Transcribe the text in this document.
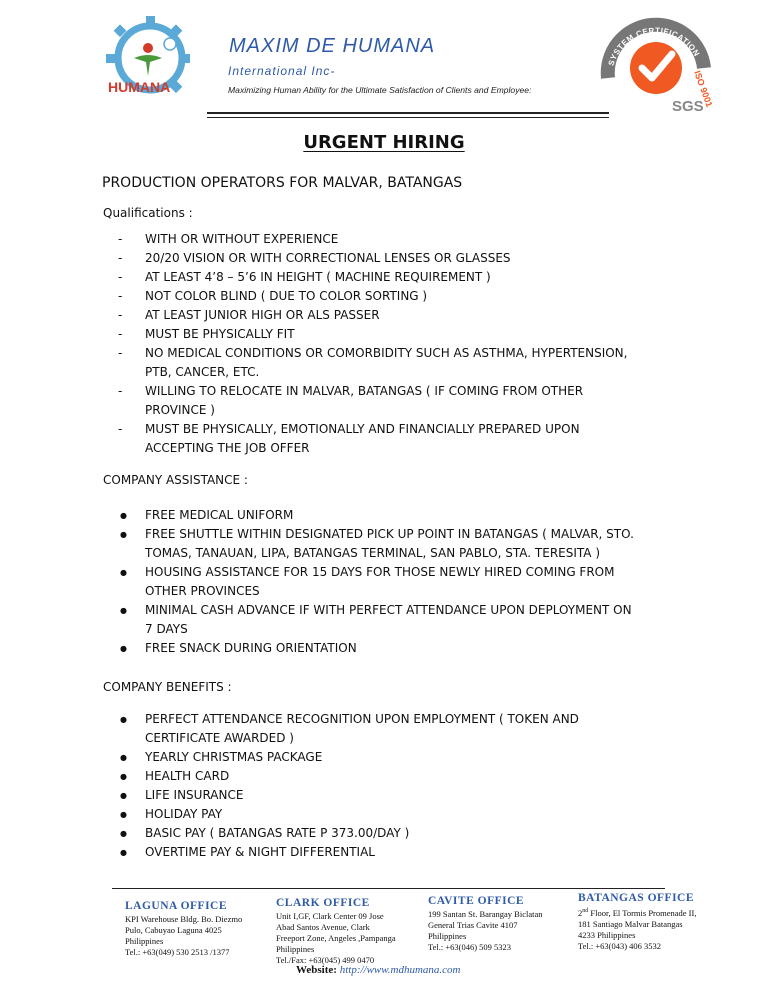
HUMANA
MAXIM DE HUMANA
International Inc-
Maximizing Human Ability for the Ultimate Satisfaction of Clients and Employee:
SYSTEM CERTIFICATION
ISO 9001
SGS
URGENT HIRING
PRODUCTION OPERATORS FOR MALVAR, BATANGAS
Qualifications :
- WITH OR WITHOUT EXPERIENCE
- 20/20 VISION OR WITH CORRECTIONAL LENSES OR GLASSES
- AT LEAST 4’8 – 5’6 IN HEIGHT ( MACHINE REQUIREMENT )
- NOT COLOR BLIND ( DUE TO COLOR SORTING )
- AT LEAST JUNIOR HIGH OR ALS PASSER
- MUST BE PHYSICALLY FIT
- NO MEDICAL CONDITIONS OR COMORBIDITY SUCH AS ASTHMA, HYPERTENSION, PTB, CANCER, ETC.
- WILLING TO RELOCATE IN MALVAR, BATANGAS ( IF COMING FROM OTHER PROVINCE )
- MUST BE PHYSICALLY, EMOTIONALLY AND FINANCIALLY PREPARED UPON ACCEPTING THE JOB OFFER
COMPANY ASSISTANCE :
● FREE MEDICAL UNIFORM
● FREE SHUTTLE WITHIN DESIGNATED PICK UP POINT IN BATANGAS ( MALVAR, STO. TOMAS, TANAUAN, LIPA, BATANGAS TERMINAL, SAN PABLO, STA. TERESITA )
● HOUSING ASSISTANCE FOR 15 DAYS FOR THOSE NEWLY HIRED COMING FROM OTHER PROVINCES
● MINIMAL CASH ADVANCE IF WITH PERFECT ATTENDANCE UPON DEPLOYMENT ON 7 DAYS
● FREE SNACK DURING ORIENTATION
COMPANY BENEFITS :
● PERFECT ATTENDANCE RECOGNITION UPON EMPLOYMENT ( TOKEN AND CERTIFICATE AWARDED )
● YEARLY CHRISTMAS PACKAGE
● HEALTH CARD
● LIFE INSURANCE
● HOLIDAY PAY
● BASIC PAY ( BATANGAS RATE P 373.00/DAY )
● OVERTIME PAY & NIGHT DIFFERENTIAL
LAGUNA OFFICE
KPI Warehouse Bldg. Bo. Diezmo
Pulo, Cabuyao Laguna 4025
Philippines
Tel.: +63(049) 530 2513 /1377
CLARK OFFICE
Unit I,GF, Clark Center 09 Jose
Abad Santos Avenue, Clark
Freeport Zone, Angeles ,Pampanga
Philippines
Tel./Fax: +63(045) 499 0470
CAVITE OFFICE
199 Santan St. Barangay Biclatan
General Trias Cavite 4107
Philippines
Tel.: +63(046) 509 5323
BATANGAS OFFICE
2nd Floor, El Tormis Promenade II,
181 Santiago Malvar Batangas
4233 Philippines
Tel.: +63(043) 406 3532
Website: http://www.mdhumana.com
